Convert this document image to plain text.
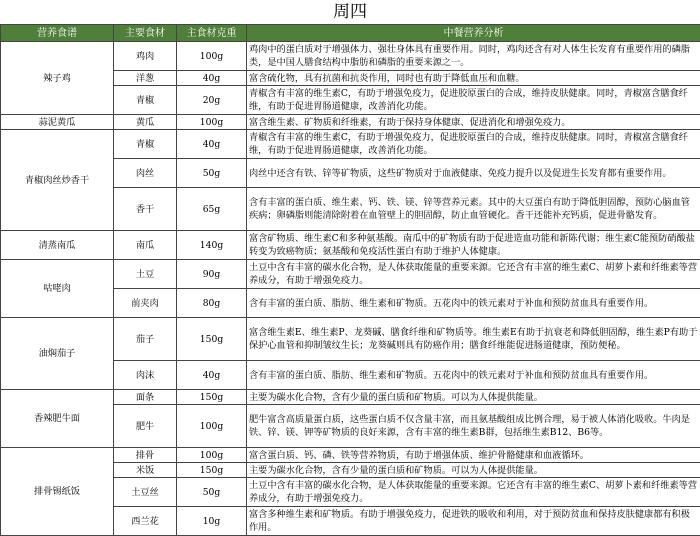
周四
营养食谱	主要食材	主食材克重	中餐营养分析
辣子鸡	鸡肉	100g	鸡肉中的蛋白质对于增强体力、强壮身体具有重要作用。同时，鸡肉还含有对人体生长发育有重要作用的磷脂类，是中国人膳食结构中脂肪和磷脂的重要来源之一。
	洋葱	40g	富含硫化物，具有抗菌和抗炎作用，同时也有助于降低血压和血糖。
	青椒	20g	青椒含有丰富的维生素C，有助于增强免疫力，促进胶原蛋白的合成，维持皮肤健康。同时，青椒富含膳食纤维，有助于促进胃肠道健康，改善消化功能。
蒜泥黄瓜	黄瓜	100g	富含维生素、矿物质和纤维素，有助于保持身体健康、促进消化和增强免疫力。
青椒肉丝炒香干	青椒	40g	青椒含有丰富的维生素C，有助于增强免疫力，促进胶原蛋白的合成，维持皮肤健康。同时，青椒富含膳食纤维，有助于促进胃肠道健康，改善消化功能。
	肉丝	50g	肉丝中还含有铁、锌等矿物质，这些矿物质对于血液健康、免疫力提升以及促进生长发育都有重要作用。
	香干	65g	含有丰富的蛋白质、维生素、钙、铁、镁、锌等营养元素。其中的大豆蛋白有助于降低胆固醇，预防心脑血管疾病；卵磷脂则能清除附着在血管壁上的胆固醇，防止血管硬化。香干还能补充钙质，促进骨骼发育。
清蒸南瓜	南瓜	140g	富含矿物质、维生素C和多种氨基酸。南瓜中的矿物质有助于促进造血功能和新陈代谢；维生素C能预防硝酸盐转变为致癌物质；氨基酸和免疫活性蛋白有助于维护人体健康。
咕咾肉	土豆	90g	土豆中含有丰富的碳水化合物，是人体获取能量的重要来源。它还含有丰富的维生素C、胡萝卜素和纤维素等营养成分，有助于增强免疫力。
	前夹肉	80g	含有丰富的蛋白质、脂肪、维生素和矿物质。五花肉中的铁元素对于补血和预防贫血具有重要作用。
油焖茄子	茄子	150g	富含维生素E、维生素P、龙葵碱、膳食纤维和矿物质等。维生素E有助于抗衰老和降低胆固醇，维生素P有助于保护心血管和抑制皱纹生长；龙葵碱则具有防癌作用；膳食纤维能促进肠道健康，预防便秘。
	肉沫	40g	含有丰富的蛋白质、脂肪、维生素和矿物质。五花肉中的铁元素对于补血和预防贫血具有重要作用。
香辣肥牛面	面条	150g	主要为碳水化合物，含有少量的蛋白质和矿物质。可以为人体提供能量。
	肥牛	100g	肥牛富含高质量蛋白质，这些蛋白质不仅含量丰富，而且氨基酸组成比例合理，易于被人体消化吸收。牛肉是铁、锌、镁、钾等矿物质的良好来源，含有丰富的维生素B群，包括维生素B12、B6等。
排骨锡纸饭	排骨	100g	富含蛋白质、钙、磷、铁等营养物质，有助于增强体质、维护骨骼健康和血液循环。
	米饭	150g	主要为碳水化合物，含有少量的蛋白质和矿物质。可以为人体提供能量。
	土豆丝	50g	土豆中含有丰富的碳水化合物，是人体获取能量的重要来源。它还含有丰富的维生素C、胡萝卜素和纤维素等营养成分，有助于增强免疫力。
	西兰花	10g	富含多种维生素和矿物质。有助于增强免疫力，促进铁的吸收和利用，对于预防贫血和保持皮肤健康都有积极作用。
